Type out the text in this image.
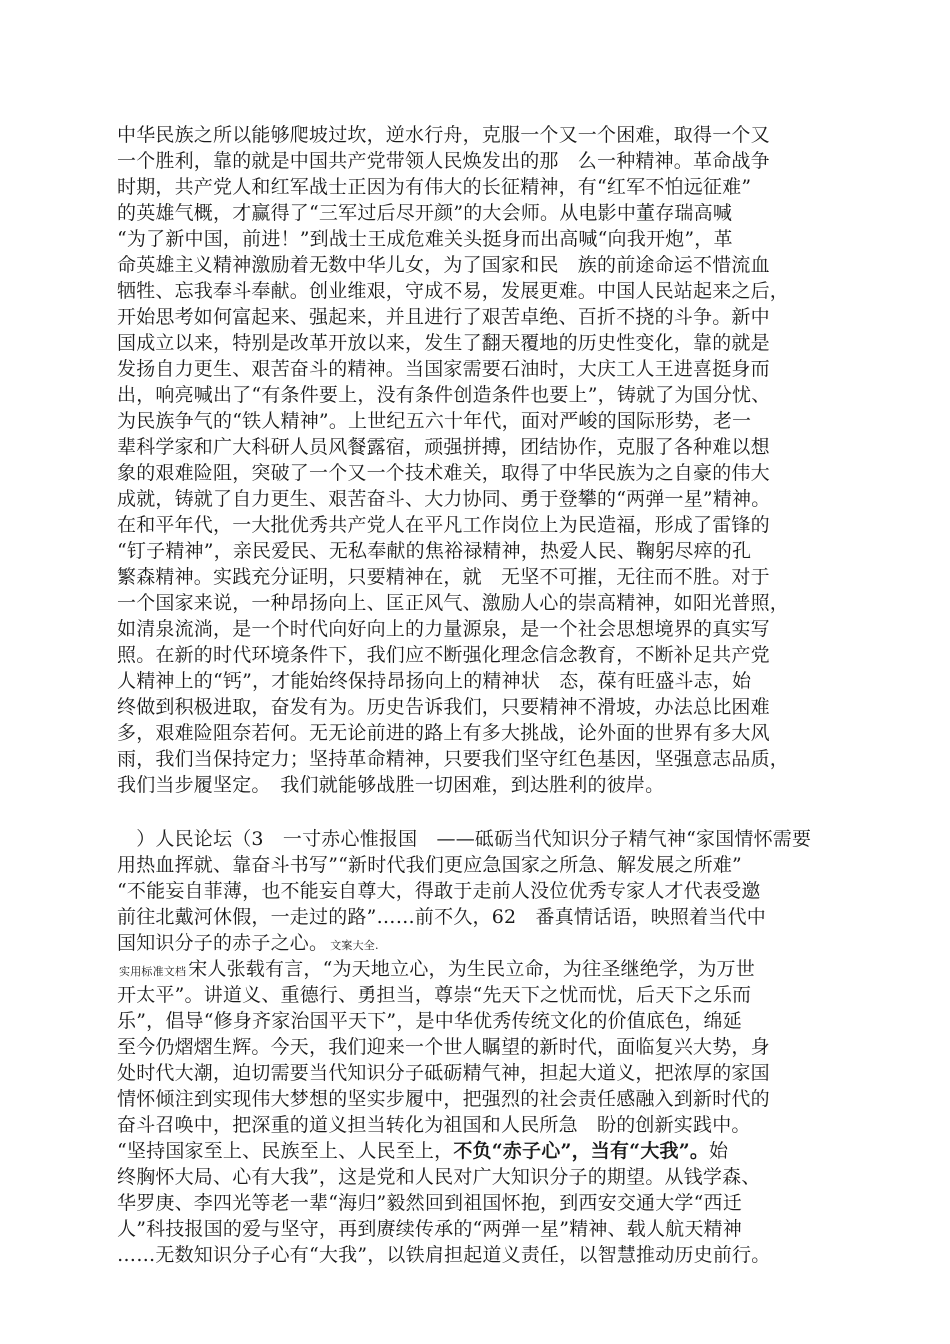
中华民族之所以能够爬坡过坎，逆水行舟，克服一个又一个困难，取得一个又
一个胜利，靠的就是中国共产党带领人民焕发出的那　么一种精神。革命战争
时期，共产党人和红军战士正因为有伟大的长征精神，有“红军不怕远征难”
的英雄气概，才赢得了“三军过后尽开颜”的大会师。从电影中董存瑞高喊
“为了新中国，前进！”到战士王成危难关头挺身而出高喊“向我开炮”，革
命英雄主义精神激励着无数中华儿女，为了国家和民　族的前途命运不惜流血
牺牲、忘我奉斗奉献。创业维艰，守成不易，发展更难。中国人民站起来之后，
开始思考如何富起来、强起来，并且进行了艰苦卓绝、百折不挠的斗争。新中
国成立以来，特别是改革开放以来，发生了翻天覆地的历史性变化，靠的就是
发扬自力更生、艰苦奋斗的精神。当国家需要石油时，大庆工人王进喜挺身而
出，响亮喊出了“有条件要上，没有条件创造条件也要上”，铸就了为国分忧、
为民族争气的“铁人精神”。上世纪五六十年代，面对严峻的国际形势，老一
辈科学家和广大科研人员风餐露宿，顽强拼搏，团结协作，克服了各种难以想
象的艰难险阻，突破了一个又一个技术难关，取得了中华民族为之自豪的伟大
成就，铸就了自力更生、艰苦奋斗、大力协同、勇于登攀的“两弹一星”精神。
在和平年代，一大批优秀共产党人在平凡工作岗位上为民造福，形成了雷锋的
“钉子精神”，亲民爱民、无私奉献的焦裕禄精神，热爱人民、鞠躬尽瘁的孔
繁森精神。实践充分证明，只要精神在，就　无坚不可摧，无往而不胜。对于
一个国家来说，一种昂扬向上、匡正风气、激励人心的崇高精神，如阳光普照，
如清泉流淌，是一个时代向好向上的力量源泉，是一个社会思想境界的真实写
照。在新的时代环境条件下，我们应不断强化理念信念教育，不断补足共产党
人精神上的“钙”，才能始终保持昂扬向上的精神状　态，葆有旺盛斗志，始
终做到积极进取，奋发有为。历史告诉我们，只要精神不滑坡，办法总比困难
多，艰难险阻奈若何。无无论前进的路上有多大挑战，论外面的世界有多大风
雨，我们当保持定力；坚持革命精神，只要我们坚守红色基因，坚强意志品质，
我们当步履坚定。　我们就能够战胜一切困难，到达胜利的彼岸。
　）人民论坛（3　一寸赤心惟报国　——砥砺当代知识分子精气神“家国情怀需要
用热血挥就、靠奋斗书写”“新时代我们更应急国家之所急、解发展之所难”
“不能妄自菲薄，也不能妄自尊大，得敢于走前人没位优秀专家人才代表受邀
前往北戴河休假，一走过的路”……前不久，62　番真情话语，映照着当代中
国知识分子的赤子之心。 文案大全.
实用标准文档 宋人张载有言，“为天地立心，为生民立命，为往圣继绝学，为万世
开太平”。讲道义、重德行、勇担当，尊崇“先天下之忧而忧，后天下之乐而
乐”，倡导“修身齐家治国平天下”，是中华优秀传统文化的价值底色，绵延
至今仍熠熠生辉。今天，我们迎来一个世人瞩望的新时代，面临复兴大势，身
处时代大潮，迫切需要当代知识分子砥砺精气神，担起大道义，把浓厚的家国
情怀倾注到实现伟大梦想的坚实步履中，把强烈的社会责任感融入到新时代的
奋斗召唤中，把深重的道义担当转化为祖国和人民所急　盼的创新实践中。
“坚持国家至上、民族至上、人民至上，不负“赤子心”，当有“大我”。始
终胸怀大局、心有大我”，这是党和人民对广大知识分子的期望。从钱学森、
华罗庚、李四光等老一辈“海归”毅然回到祖国怀抱，到西安交通大学“西迁
人”科技报国的爱与坚守，再到赓续传承的“两弹一星”精神、载人航天精神
……无数知识分子心有“大我”，以铁肩担起道义责任，以智慧推动历史前行。
